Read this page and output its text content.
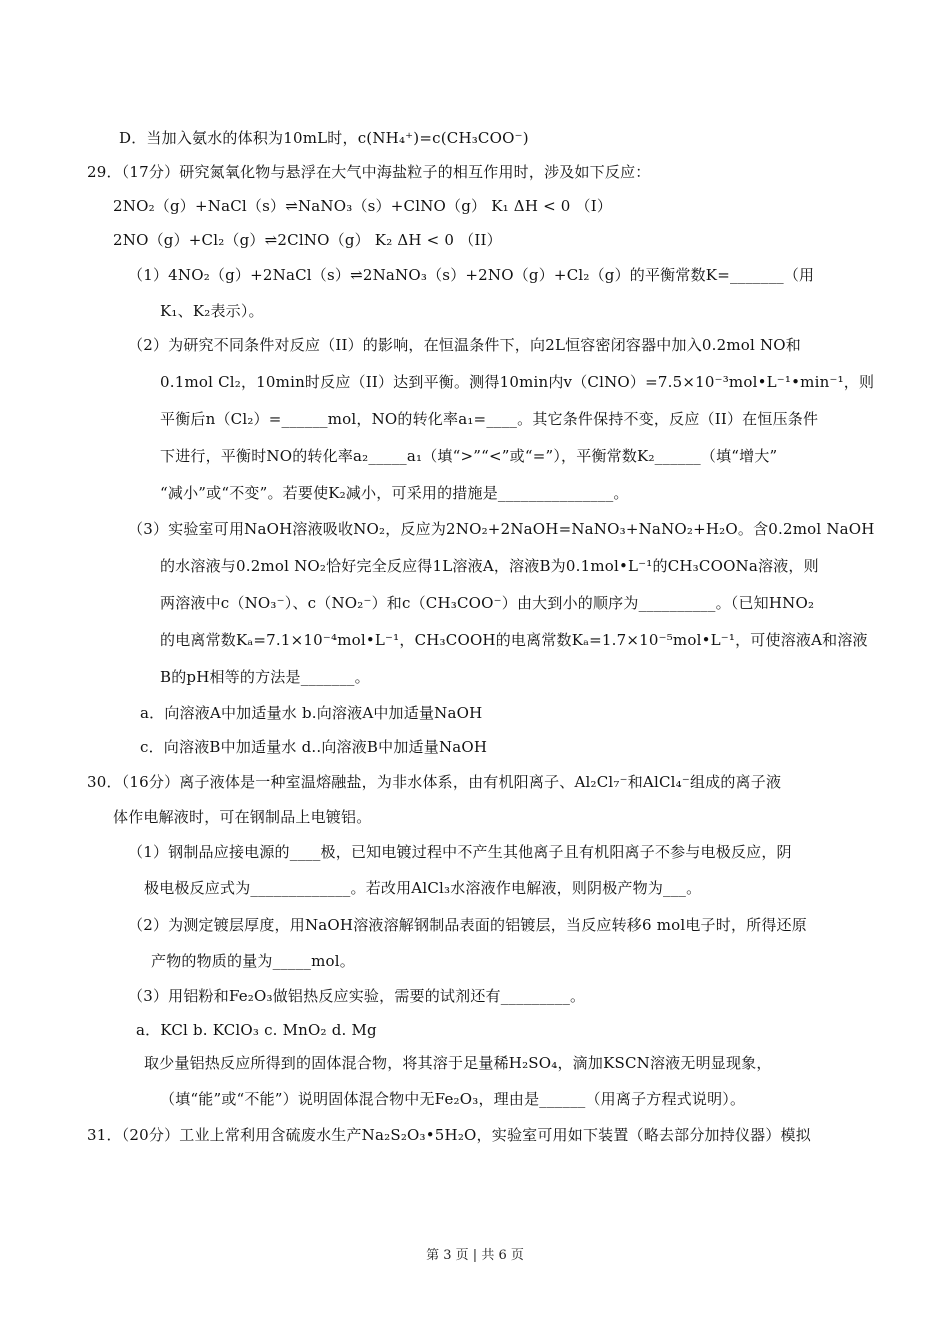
D．当加入氨水的体积为10mL时，c(NH₄⁺)=c(CH₃COO⁻)
29．（17分）研究氮氧化物与悬浮在大气中海盐粒子的相互作用时，涉及如下反应：
2NO₂（g）+NaCl（s）⇌NaNO₃（s）+ClNO（g） K₁ ΔH < 0 （I）
2NO（g）+Cl₂（g）⇌2ClNO（g） K₂ ΔH < 0 （II）
（1）4NO₂（g）+2NaCl（s）⇌2NaNO₃（s）+2NO（g）+Cl₂（g）的平衡常数K=_______（用
K₁、K₂表示）。
（2）为研究不同条件对反应（II）的影响，在恒温条件下，向2L恒容密闭容器中加入0.2mol NO和
0.1mol Cl₂，10min时反应（II）达到平衡。测得10min内v（ClNO）=7.5×10⁻³mol•L⁻¹•min⁻¹，则
平衡后n（Cl₂）=______mol，NO的转化率a₁=____。其它条件保持不变，反应（II）在恒压条件
下进行，平衡时NO的转化率a₂_____a₁（填“>”“<”或“=”），平衡常数K₂______（填“增大”
“减小”或“不变”。若要使K₂减小，可采用的措施是_______________。
（3）实验室可用NaOH溶液吸收NO₂，反应为2NO₂+2NaOH=NaNO₃+NaNO₂+H₂O。含0.2mol NaOH
的水溶液与0.2mol NO₂恰好完全反应得1L溶液A，溶液B为0.1mol•L⁻¹的CH₃COONa溶液，则
两溶液中c（NO₃⁻）、c（NO₂⁻）和c（CH₃COO⁻）由大到小的顺序为__________。（已知HNO₂
的电离常数Kₐ=7.1×10⁻⁴mol•L⁻¹，CH₃COOH的电离常数Kₐ=1.7×10⁻⁵mol•L⁻¹，可使溶液A和溶液
B的pH相等的方法是_______。
a．向溶液A中加适量水 b.向溶液A中加适量NaOH
c．向溶液B中加适量水 d..向溶液B中加适量NaOH
30．（16分）离子液体是一种室温熔融盐，为非水体系，由有机阳离子、Al₂Cl₇⁻和AlCl₄⁻组成的离子液
体作电解液时，可在钢制品上电镀铝。
（1）钢制品应接电源的____极，已知电镀过程中不产生其他离子且有机阳离子不参与电极反应，阴
极电极反应式为_____________。若改用AlCl₃水溶液作电解液，则阴极产物为___。
（2）为测定镀层厚度，用NaOH溶液溶解钢制品表面的铝镀层，当反应转移6 mol电子时，所得还原
产物的物质的量为_____mol。
（3）用铝粉和Fe₂O₃做铝热反应实验，需要的试剂还有_________。
a．KCl b. KClO₃ c. MnO₂ d. Mg
取少量铝热反应所得到的固体混合物，将其溶于足量稀H₂SO₄，滴加KSCN溶液无明显现象，
（填“能”或“不能”）说明固体混合物中无Fe₂O₃，理由是______（用离子方程式说明）。
31．（20分）工业上常利用含硫废水生产Na₂S₂O₃•5H₂O，实验室可用如下装置（略去部分加持仪器）模拟
第 3 页 | 共 6 页
